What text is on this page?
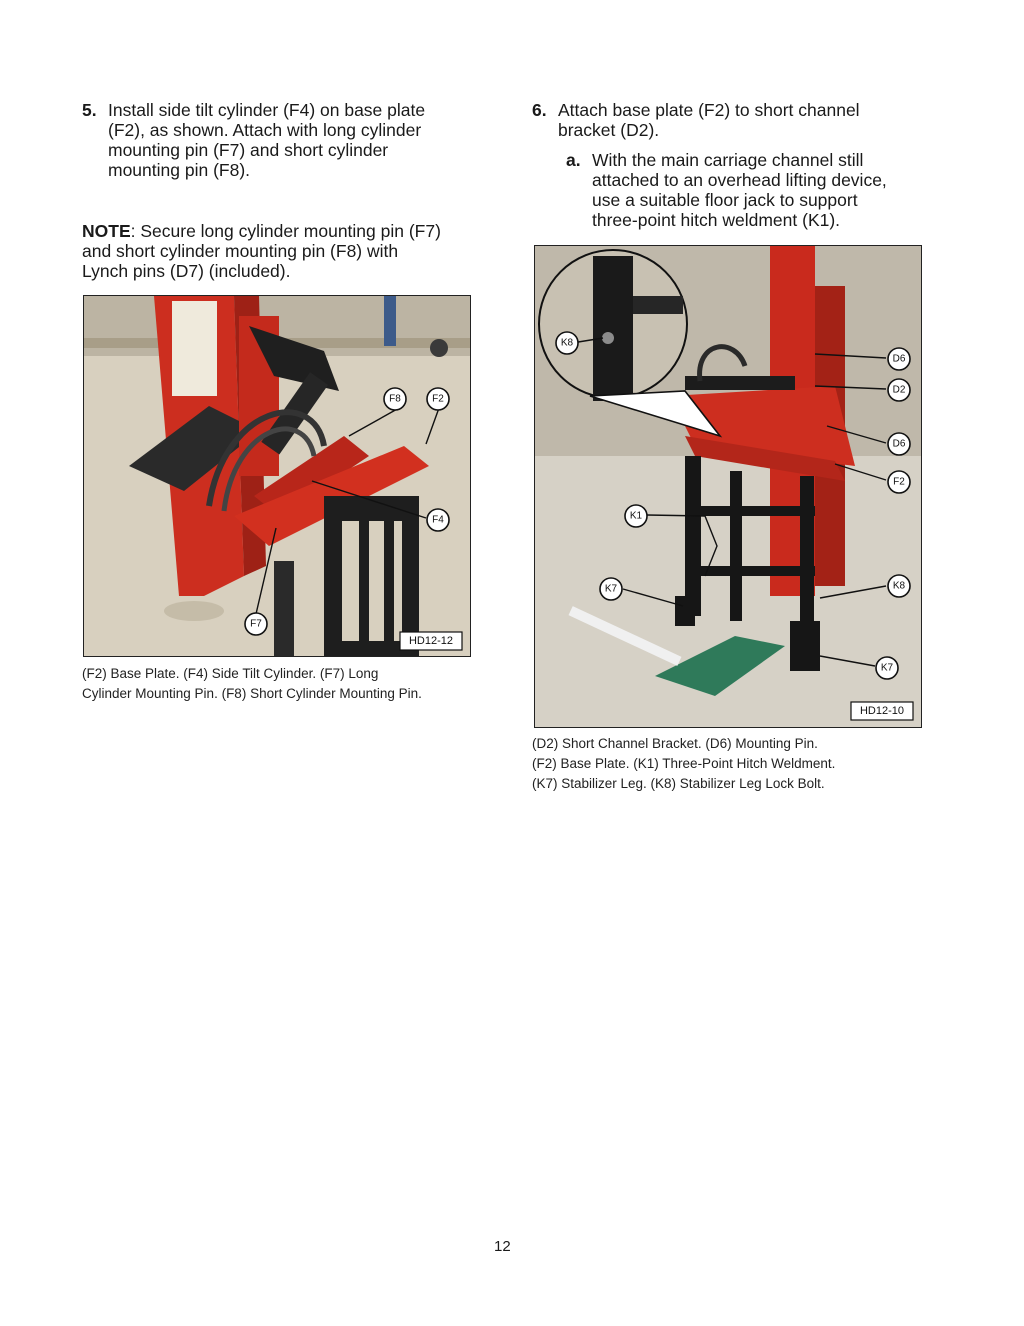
5. Install side tilt cylinder (F4) on base plate
(F2), as shown. Attach with long cylinder
mounting pin (F7) and short cylinder
mounting pin (F8).
NOTE: Secure long cylinder mounting pin (F7)
and short cylinder mounting pin (F8) with
Lynch pins (D7) (included).
F8	F2
F4
F7
HD12-12
(F2) Base Plate. (F4) Side Tilt Cylinder. (F7) Long
Cylinder Mounting Pin. (F8) Short Cylinder Mounting Pin.
6. Attach base plate (F2) to short channel
bracket (D2).
a. With the main carriage channel still
attached to an overhead lifting device,
use a suitable floor jack to support
three-point hitch weldment (K1).
K8
D6
D2
D6
F2
K1
K7	K8
K7
HD12-10
(D2) Short Channel Bracket. (D6) Mounting Pin.
(F2) Base Plate. (K1) Three-Point Hitch Weldment.
(K7) Stabilizer Leg. (K8) Stabilizer Leg Lock Bolt.
12
